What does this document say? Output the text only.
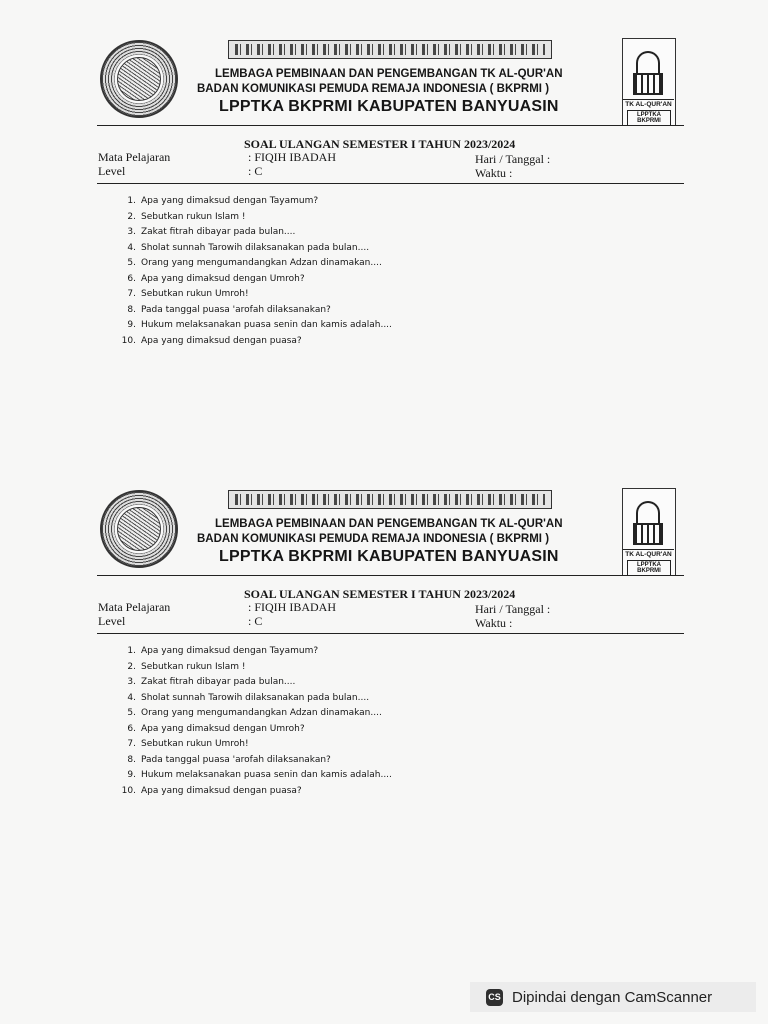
LEMBAGA PEMBINAAN DAN PENGEMBANGAN TK AL-QUR'AN
BADAN KOMUNIKASI PEMUDA REMAJA INDONESIA ( BKPRMI )
LPPTKA BKPRMI KABUPATEN BANYUASIN	TK AL-QUR'AN
LPPTKA BKPRMI
SOAL ULANGAN SEMESTER I TAHUN 2023/2024
Mata Pelajaran	: FIQIH IBADAH	Hari / Tanggal :
Level	: C	Waktu :
1. Apa yang dimaksud dengan Tayamum?
2. Sebutkan rukun Islam !
3. Zakat fitrah dibayar pada bulan....
4. Sholat sunnah Tarowih dilaksanakan pada bulan....
5. Orang yang mengumandangkan Adzan dinamakan....
6. Apa yang dimaksud dengan Umroh?
7. Sebutkan rukun Umroh!
8. Pada tanggal puasa 'arofah dilaksanakan?
9. Hukum melaksanakan puasa senin dan kamis adalah....
10. Apa yang dimaksud dengan puasa?
LEMBAGA PEMBINAAN DAN PENGEMBANGAN TK AL-QUR'AN
BADAN KOMUNIKASI PEMUDA REMAJA INDONESIA ( BKPRMI )
LPPTKA BKPRMI KABUPATEN BANYUASIN	TK AL-QUR'AN
LPPTKA BKPRMI
SOAL ULANGAN SEMESTER I TAHUN 2023/2024
Mata Pelajaran	: FIQIH IBADAH	Hari / Tanggal :
Level	: C	Waktu :
1. Apa yang dimaksud dengan Tayamum?
2. Sebutkan rukun Islam !
3. Zakat fitrah dibayar pada bulan....
4. Sholat sunnah Tarowih dilaksanakan pada bulan....
5. Orang yang mengumandangkan Adzan dinamakan....
6. Apa yang dimaksud dengan Umroh?
7. Sebutkan rukun Umroh!
8. Pada tanggal puasa 'arofah dilaksanakan?
9. Hukum melaksanakan puasa senin dan kamis adalah....
10. Apa yang dimaksud dengan puasa?
CS Dipindai dengan CamScanner
